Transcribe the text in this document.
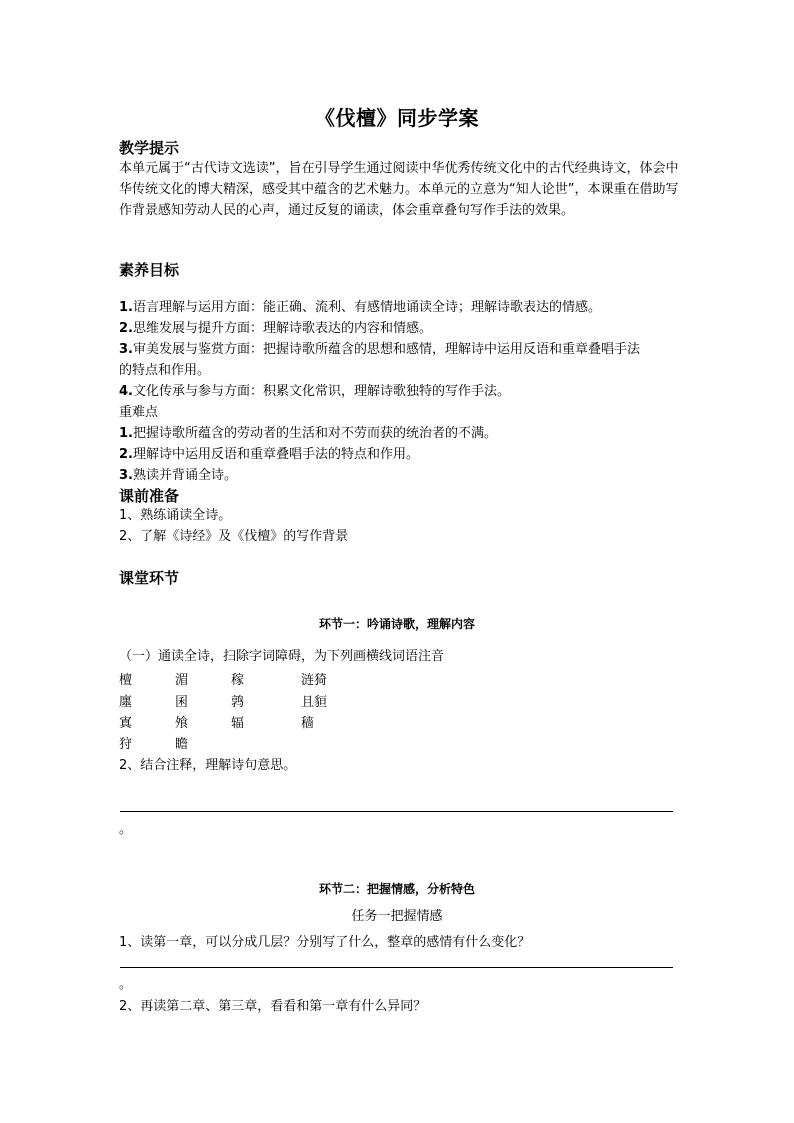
《伐檀》同步学案
教学提示
本单元属于“古代诗文选读”，旨在引导学生通过阅读中华优秀传统文化中的古代经典诗文，体会中华传统文化的博大精深，感受其中蕴含的艺术魅力。本单元的立意为“知人论世”，本课重在借助写作背景感知劳动人民的心声，通过反复的诵读，体会重章叠句写作手法的效果。
素养目标
1.语言理解与运用方面：能正确、流利、有感情地诵读全诗；理解诗歌表达的情感。
2.思维发展与提升方面：理解诗歌表达的内容和情感。
3.审美发展与鉴赏方面：把握诗歌所蕴含的思想和感情，理解诗中运用反语和重章叠唱手法
的特点和作用。
4.文化传承与参与方面：积累文化常识，理解诗歌独特的写作手法。
重难点
1.把握诗歌所蕴含的劳动者的生活和对不劳而获的统治者的不满。
2.理解诗中运用反语和重章叠唱手法的特点和作用。
3.熟读并背诵全诗。
课前准备
1、熟练诵读全诗。
2、了解《诗经》及《伐檀》的写作背景
课堂环节
环节一：吟诵诗歌，理解内容
（一）通读全诗，扫除字词障碍，为下列画横线词语注音
檀	湄	稼	涟猗
廛	囷	鹑	且貆
寘	飧	辐	穑
狩	瞻
2、结合注释，理解诗句意思。
。
环节二：把握情感，分析特色
任务一把握情感
1、读第一章，可以分成几层？分别写了什么，整章的感情有什么变化？
。
2、再读第二章、第三章，看看和第一章有什么异同？
